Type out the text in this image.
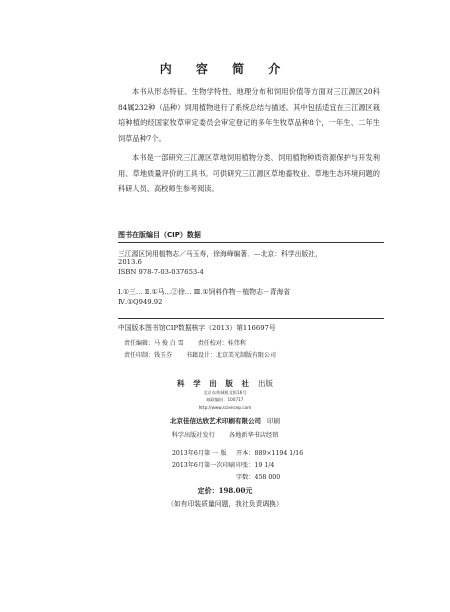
内 容 简 介

本书从形态特征、生物学特性、地理分布和饲用价值等方面对三江源区20科84属232种（品种）饲用植物进行了系统总结与描述。其中包括适宜在三江源区栽培种植的经国家牧草审定委员会审定登记的多年生牧草品种8个，一年生、二年生饲草品种7个。

本书是一部研究三江源区草地饲用植物分类、饲用植物种质资源保护与开发利用、草地质量评价的工具书。可供研究三江源区草地畜牧业、草地生态环境问题的科研人员、高校师生参考阅读。

图书在版编目（CIP）数据
三江源区饲用植物志／马玉寿，徐海峰编著．—北京：科学出版社，
2013.6
ISBN 978-7-03-037653-4
Ⅰ.①三… Ⅱ.①马…②徐… Ⅲ.①饲料作物－植物志－青海省
Ⅳ.①Q949.92
中国版本图书馆CIP数据核字（2013）第116697号
责任编辑：马 俊 白 雪 责任校对：桂伟利
责任印制：钱玉芬 书籍设计：北京美光制版有限公司
科 学 出 版 社 出版
北京东黄城根北街16号
邮政编码：100717
http://www.sciencep.com
北京佳信达欣艺术印刷有限公司 印刷
科学出版社发行 各地新华书店经销
2013年6月第 一 版 开本：889×1194 1/16
2013年6月第一次印刷 印张：19 1/4
字数：458 000
定价：198.00元
（如有印装质量问题，我社负责调换）
